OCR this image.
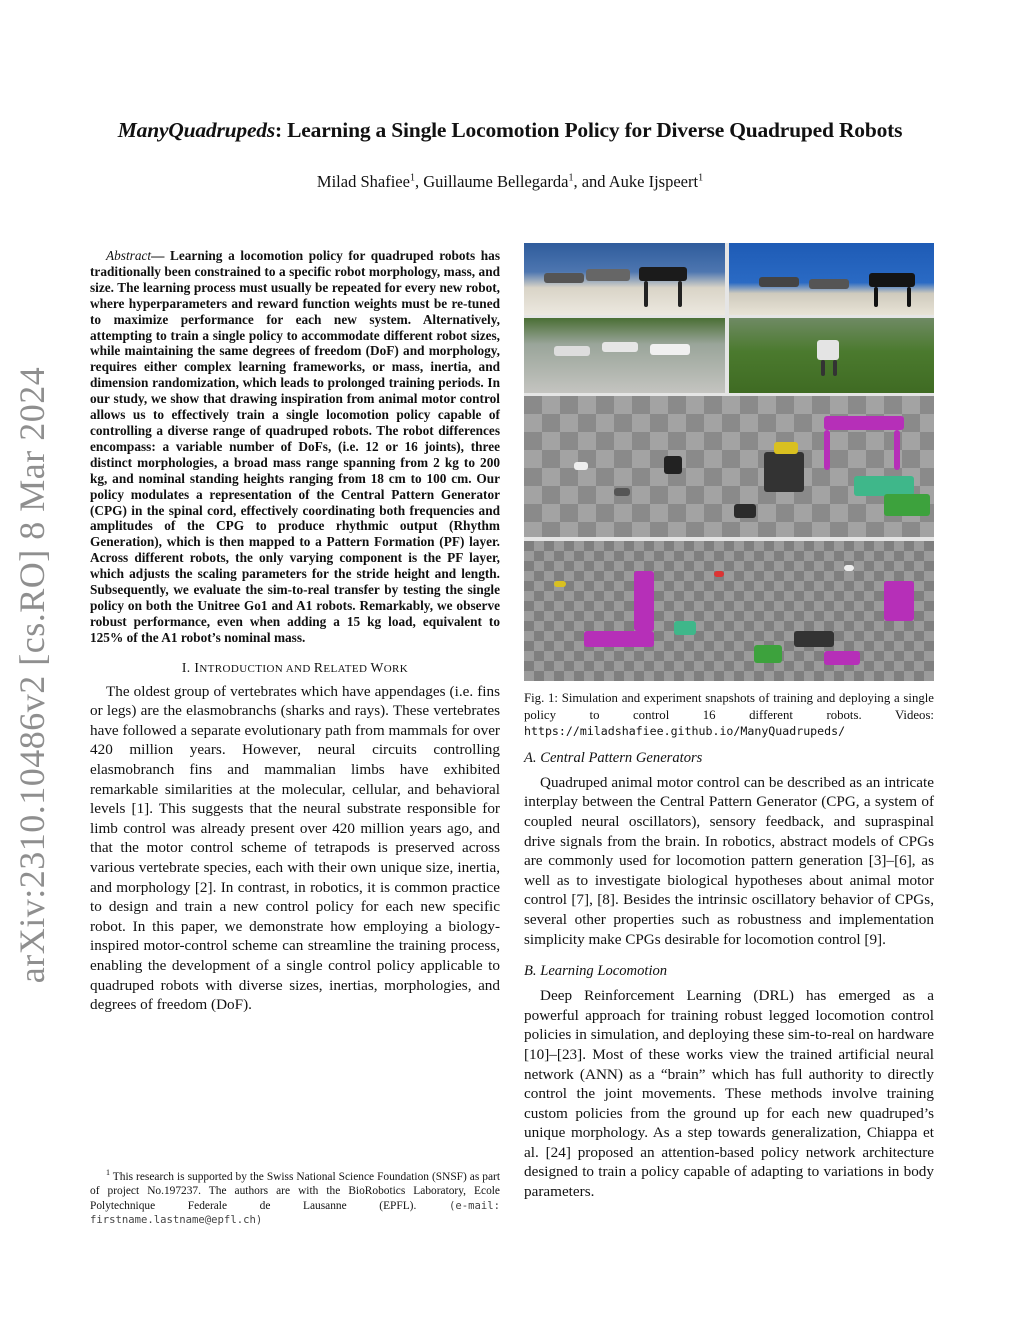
arXiv:2310.10486v2 [cs.RO] 8 Mar 2024
ManyQuadrupeds: Learning a Single Locomotion Policy for Diverse Quadruped Robots
Milad Shafiee$^1$, Guillaume Bellegarda$^1$, and Auke Ijspeert$^1$

Abstract— Learning a locomotion policy for quadruped robots has traditionally been constrained to a specific robot morphology, mass, and size. The learning process must usually be repeated for every new robot, where hyperparameters and reward function weights must be re-tuned to maximize performance for each new system. Alternatively, attempting to train a single policy to accommodate different robot sizes, while maintaining the same degrees of freedom (DoF) and morphology, requires either complex learning frameworks, or mass, inertia, and dimension randomization, which leads to prolonged training periods. In our study, we show that drawing inspiration from animal motor control allows us to effectively train a single locomotion policy capable of controlling a diverse range of quadruped robots. The robot differences encompass: a variable number of DoFs, (i.e. 12 or 16 joints), three distinct morphologies, a broad mass range spanning from 2 kg to 200 kg, and nominal standing heights ranging from 18 cm to 100 cm. Our policy modulates a representation of the Central Pattern Generator (CPG) in the spinal cord, effectively coordinating both frequencies and amplitudes of the CPG to produce rhythmic output (Rhythm Generation), which is then mapped to a Pattern Formation (PF) layer. Across different robots, the only varying component is the PF layer, which adjusts the scaling parameters for the stride height and length. Subsequently, we evaluate the sim-to-real transfer by testing the single policy on both the Unitree Go1 and A1 robots. Remarkably, we observe robust performance, even when adding a 15 kg load, equivalent to 125% of the A1 robot’s nominal mass.

I. INTRODUCTION AND RELATED WORK

The oldest group of vertebrates which have appendages (i.e. fins or legs) are the elasmobranchs (sharks and rays). These vertebrates have followed a separate evolutionary path from mammals for over 420 million years. However, neural circuits controlling elasmobranch fins and mammalian limbs have exhibited remarkable similarities at the molecular, cellular, and behavioral levels [1]. This suggests that the neural substrate responsible for limb control was already present over 420 million years ago, and that the motor control scheme of tetrapods is preserved across various vertebrate species, each with their own unique size, inertia, and morphology [2]. In contrast, in robotics, it is common practice to design and train a new control policy for each new specific robot. In this paper, we demonstrate how employing a biology-inspired motor-control scheme can streamline the training process, enabling the development of a single control policy applicable to quadruped robots with diverse sizes, inertias, morphologies, and degrees of freedom (DoF).

$^1$ This research is supported by the Swiss National Science Foundation (SNSF) as part of project No.197237. The authors are with the BioRobotics Laboratory, Ecole Polytechnique Federale de Lausanne (EPFL). (e-mail: firstname.lastname@epfl.ch)

Fig. 1: Simulation and experiment snapshots of training and deploying a single policy to control 16 different robots. Videos: https://miladshafiee.github.io/ManyQuadrupeds/

A. Central Pattern Generators

Quadruped animal motor control can be described as an intricate interplay between the Central Pattern Generator (CPG, a system of coupled neural oscillators), sensory feedback, and supraspinal drive signals from the brain. In robotics, abstract models of CPGs are commonly used for locomotion pattern generation [3]–[6], as well as to investigate biological hypotheses about animal motor control [7], [8]. Besides the intrinsic oscillatory behavior of CPGs, several other properties such as robustness and implementation simplicity make CPGs desirable for locomotion control [9].

B. Learning Locomotion

Deep Reinforcement Learning (DRL) has emerged as a powerful approach for training robust legged locomotion control policies in simulation, and deploying these sim-to-real on hardware [10]–[23]. Most of these works view the trained artificial neural network (ANN) as a “brain” which has full authority to directly control the joint movements. These methods involve training custom policies from the ground up for each new quadruped’s unique morphology. As a step towards generalization, Chiappa et al. [24] proposed an attention-based policy network architecture designed to train a policy capable of adapting to variations in body parameters.
